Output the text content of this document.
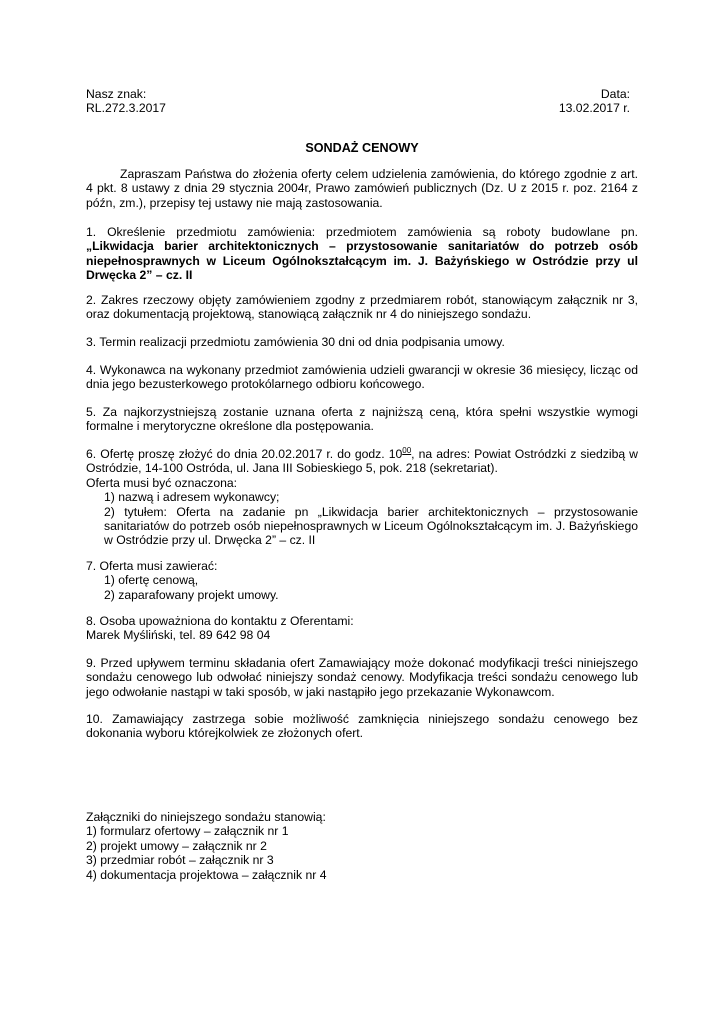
Nasz znak:
RL.272.3.2017
Data:
13.02.2017 r.
SONDAŻ CENOWY
Zapraszam Państwa do złożenia oferty celem udzielenia zamówienia, do którego zgodnie z art. 4 pkt. 8 ustawy z dnia 29 stycznia 2004r, Prawo zamówień publicznych (Dz. U z 2015 r. poz. 2164 z późn, zm.), przepisy tej ustawy nie mają zastosowania.
1. Określenie przedmiotu zamówienia: przedmiotem zamówienia są roboty budowlane pn. „Likwidacja barier architektonicznych – przystosowanie sanitariatów do potrzeb osób niepełnosprawnych w Liceum Ogólnokształcącym im. J. Bażyńskiego w Ostródzie przy ul Drwęcka 2” – cz. II
2. Zakres rzeczowy objęty zamówieniem zgodny z przedmiarem robót, stanowiącym załącznik nr 3, oraz dokumentacją projektową, stanowiącą załącznik nr 4 do niniejszego sondażu.
3. Termin realizacji przedmiotu zamówienia 30 dni od dnia podpisania umowy.
4. Wykonawca na wykonany przedmiot zamówienia udzieli gwarancji w okresie 36 miesięcy, licząc od dnia jego bezusterkowego protokólarnego odbioru końcowego.
5. Za najkorzystniejszą zostanie uznana oferta z najniższą ceną, która spełni wszystkie wymogi formalne i merytoryczne określone dla postępowania.
6. Ofertę proszę złożyć do dnia 20.02.2017 r. do godz. $10^{00}$, na adres: Powiat Ostródzki z siedzibą w Ostródzie, 14-100 Ostróda, ul. Jana III Sobieskiego 5, pok. 218 (sekretariat).
Oferta musi być oznaczona:
1) nazwą i adresem wykonawcy;
2) tytułem: Oferta na zadanie pn „Likwidacja barier architektonicznych – przystosowanie sanitariatów do potrzeb osób niepełnosprawnych w Liceum Ogólnokształcącym im. J. Bażyńskiego w Ostródzie przy ul. Drwęcka 2” – cz. II
7. Oferta musi zawierać:
1) ofertę cenową,
2) zaparafowany projekt umowy.
8. Osoba upoważniona do kontaktu z Oferentami:
Marek Myśliński, tel. 89 642 98 04
9. Przed upływem terminu składania ofert Zamawiający może dokonać modyfikacji treści niniejszego sondażu cenowego lub odwołać niniejszy sondaż cenowy. Modyfikacja treści sondażu cenowego lub jego odwołanie nastąpi w taki sposób, w jaki nastąpiło jego przekazanie Wykonawcom.
10. Zamawiający zastrzega sobie możliwość zamknięcia niniejszego sondażu cenowego bez dokonania wyboru którejkolwiek ze złożonych ofert.
Załączniki do niniejszego sondażu stanowią:
1) formularz ofertowy – załącznik nr 1
2) projekt umowy – załącznik nr 2
3) przedmiar robót – załącznik nr 3
4) dokumentacja projektowa – załącznik nr 4
